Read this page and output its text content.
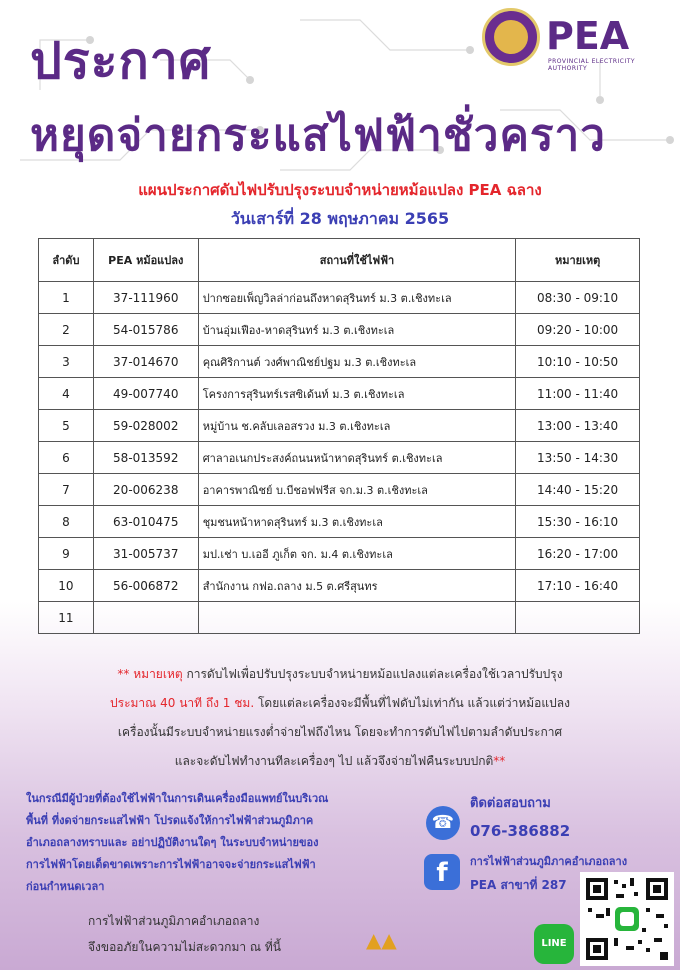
ประกาศ
หยุดจ่ายกระแสไฟฟ้าชั่วคราว
PEA
PROVINCIAL ELECTRICITY AUTHORITY

แผนประกาศดับไฟปรับปรุงระบบจำหน่ายหม้อแปลง PEA ฉลาง

วันเสาร์ที่ 28 พฤษภาคม 2565

ลำดับ	PEA หม้อแปลง	สถานที่ใช้ไฟฟ้า	หมายเหตุ
1	37-111960	ปากซอยเพ็ญวิลล่าก่อนถึงหาดสุรินทร์ ม.3 ต.เชิงทะเล	08:30 - 09:10
2	54-015786	บ้านอุ่มเฟือง-หาดสุรินทร์ ม.3 ต.เชิงทะเล	09:20 - 10:00
3	37-014670	คุณศิริกานต์ วงศ์พาณิชย์ปฐม ม.3 ต.เชิงทะเล	10:10 - 10:50
4	49-007740	โครงการสุรินทร์เรสซิเด้นท์ ม.3 ต.เชิงทะเล	11:00 - 11:40
5	59-028002	หมู่บ้าน ช.คลับเลอสรวง ม.3 ต.เชิงทะเล	13:00 - 13:40
6	58-013592	ศาลาอเนกประสงค์ถนนหน้าหาดสุรินทร์ ต.เชิงทะเล	13:50 - 14:30
7	20-006238	อาคารพาณิชย์ บ.บีชอฟฟรีส จก.ม.3 ต.เชิงทะเล	14:40 - 15:20
8	63-010475	ชุมชนหน้าหาดสุรินทร์ ม.3 ต.เชิงทะเล	15:30 - 16:10
9	31-005737	มป.เช่า บ.เออี ภูเก็ต จก. ม.4 ต.เชิงทะเล	16:20 - 17:00
10	56-006872	สำนักงาน กฟอ.ถลาง ม.5 ต.ศรีสุนทร	17:10 - 16:40
11			
** หมายเหตุ การดับไฟเพื่อปรับปรุงระบบจำหน่ายหม้อแปลงแต่ละเครื่องใช้เวลาปรับปรุง
ประมาณ 40 นาที ถึง 1 ชม. โดยแต่ละเครื่องจะมีพื้นที่ไฟดับไม่เท่ากัน แล้วแต่ว่าหม้อแปลง
เครื่องนั้นมีระบบจำหน่ายแรงต่ำจ่ายไฟถึงไหน โดยจะทำการดับไฟไปตามลำดับประกาศ
และจะดับไฟทำงานทีละเครื่องๆ ไป แล้วจึงจ่ายไฟคืนระบบปกติ**
ในกรณีมีผู้ป่วยที่ต้องใช้ไฟฟ้าในการเดินเครื่องมือแพทย์ในบริเวณ
พื้นที่ ที่งดจ่ายกระแสไฟฟ้า โปรดแจ้งให้การไฟฟ้าส่วนภูมิภาค
อำเภอถลางทราบและ อย่าปฏิบัติงานใดๆ ในระบบจำหน่ายของ
การไฟฟ้าโดยเด็ดขาดเพราะการไฟฟ้าอาจจะจ่ายกระแสไฟฟ้า
ก่อนกำหนดเวลา
การไฟฟ้าส่วนภูมิภาคอำเภอถลาง
จึงขออภัยในความไม่สะดวกมา ณ ที่นี้	▲▲
ติดต่อสอบถาม
☎	076-386882
f	การไฟฟ้าส่วนภูมิภาคอำเภอถลาง
PEA สาขาที่ 287
LINE
